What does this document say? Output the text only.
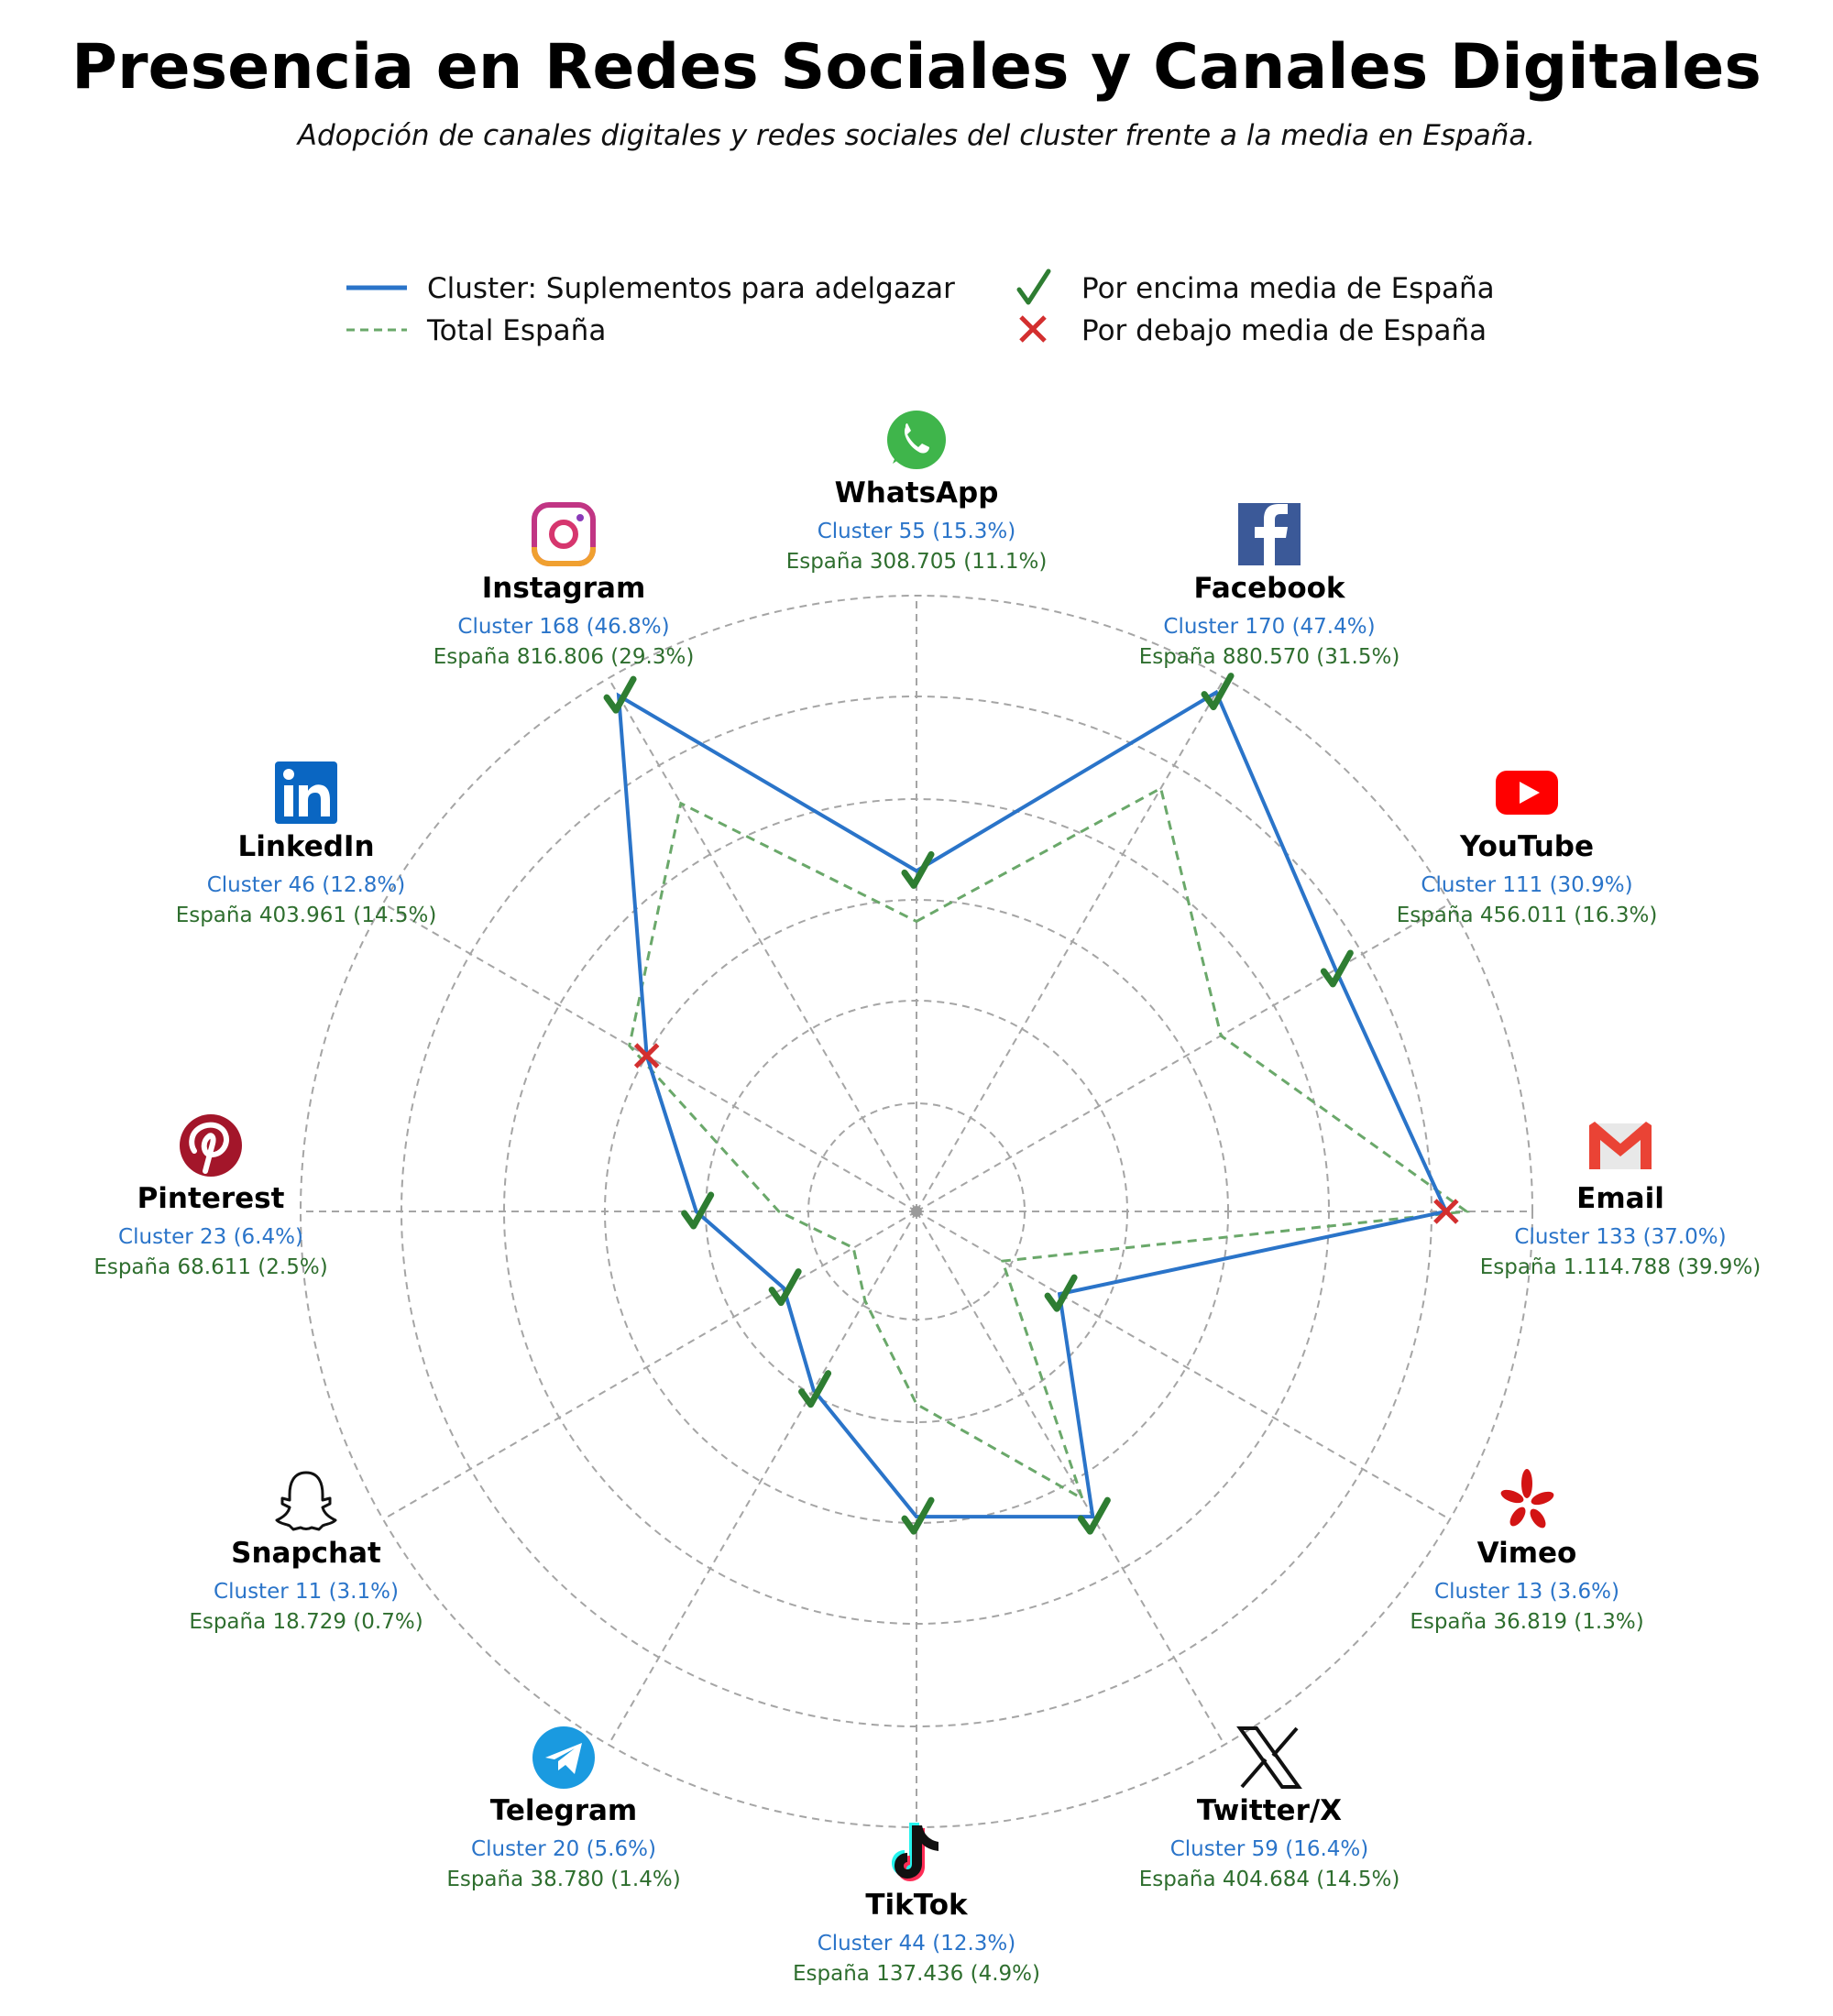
Presencia en Redes Sociales y Canales Digitales
Adopción de canales digitales y redes sociales del cluster frente a la media en España.
Cluster: Suplementos para adelgazar
Total España
Por encima media de España
Por debajo media de España
WhatsApp
Cluster 55 (15.3%)
España 308.705 (11.1%)
Facebook
Cluster 170 (47.4%)
España 880.570 (31.5%)
YouTube
Cluster 111 (30.9%)
España 456.011 (16.3%)
Email
Cluster 133 (37.0%)
España 1.114.788 (39.9%)
Vimeo
Cluster 13 (3.6%)
España 36.819 (1.3%)
Twitter/X
Cluster 59 (16.4%)
España 404.684 (14.5%)
TikTok
Cluster 44 (12.3%)
España 137.436 (4.9%)
Telegram
Cluster 20 (5.6%)
España 38.780 (1.4%)
Snapchat
Cluster 11 (3.1%)
España 18.729 (0.7%)
Pinterest
Cluster 23 (6.4%)
España 68.611 (2.5%)
LinkedIn
Cluster 46 (12.8%)
España 403.961 (14.5%)
Instagram
Cluster 168 (46.8%)
España 816.806 (29.3%)
